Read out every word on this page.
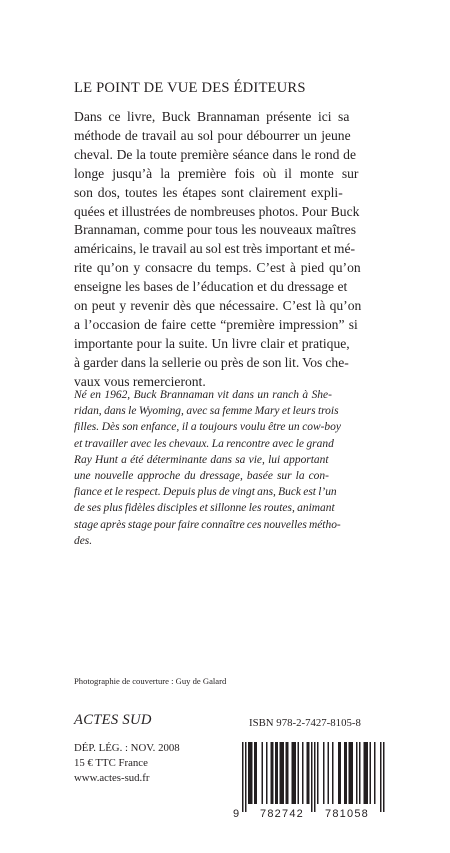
LE POINT DE VUE DES ÉDITEURS
Dans ce livre, Buck Brannaman présente ici sa
méthode de travail au sol pour débourrer un jeune
cheval. De la toute première séance dans le rond de
longe jusqu’à la première fois où il monte sur
son dos, toutes les étapes sont clairement expli-
quées et illustrées de nombreuses photos. Pour Buck
Brannaman, comme pour tous les nouveaux maîtres
américains, le travail au sol est très important et mé-
rite qu’on y consacre du temps. C’est à pied qu’on
enseigne les bases de l’éducation et du dressage et
on peut y revenir dès que nécessaire. C’est là qu’on
a l’occasion de faire cette “première impression” si
importante pour la suite. Un livre clair et pratique,
à garder dans la sellerie ou près de son lit. Vos che-
vaux vous remercieront.
Né en 1962, Buck Brannaman vit dans un ranch à She-
ridan, dans le Wyoming, avec sa femme Mary et leurs trois
filles. Dès son enfance, il a toujours voulu être un cow-boy
et travailler avec les chevaux. La rencontre avec le grand
Ray Hunt a été déterminante dans sa vie, lui apportant
une nouvelle approche du dressage, basée sur la con-
fiance et le respect. Depuis plus de vingt ans, Buck est l’un
de ses plus fidèles disciples et sillonne les routes, animant
stage après stage pour faire connaître ces nouvelles métho-
des.
Photographie de couverture : Guy de Galard
ACTES SUD
DÉP. LÉG. : NOV. 2008
15 € TTC France
www.actes-sud.fr
ISBN 978-2-7427-8105-8
9 782742 781058
